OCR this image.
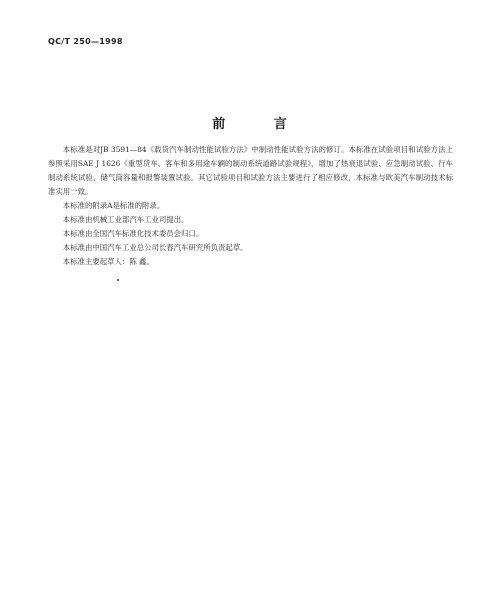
QC/T 250—1998
前 言

本标准是对JB 3591—84《载货汽车制动性能试验方法》中制动性能试验方法的修订。本标准在试验项目和试验方法上参照采用SAE J 1626《重型货车、客车和多用途车辆的制动系统道路试验规程》，增加了热衰退试验、应急制动试验、行车制动系统试验，储气筒容量和报警装置试验。其它试验项目和试验方法主要进行了相应修改，本标准与欧美汽车制动技术标准实用一致。

本标准的附录A是标准的附录。

本标准由机械工业部汽车工业司提出。

本标准由全国汽车标准化技术委员会归口。

本标准由中国汽车工业总公司长春汽车研究所负责起草。

本标准主要起草人：陈 鑫。
